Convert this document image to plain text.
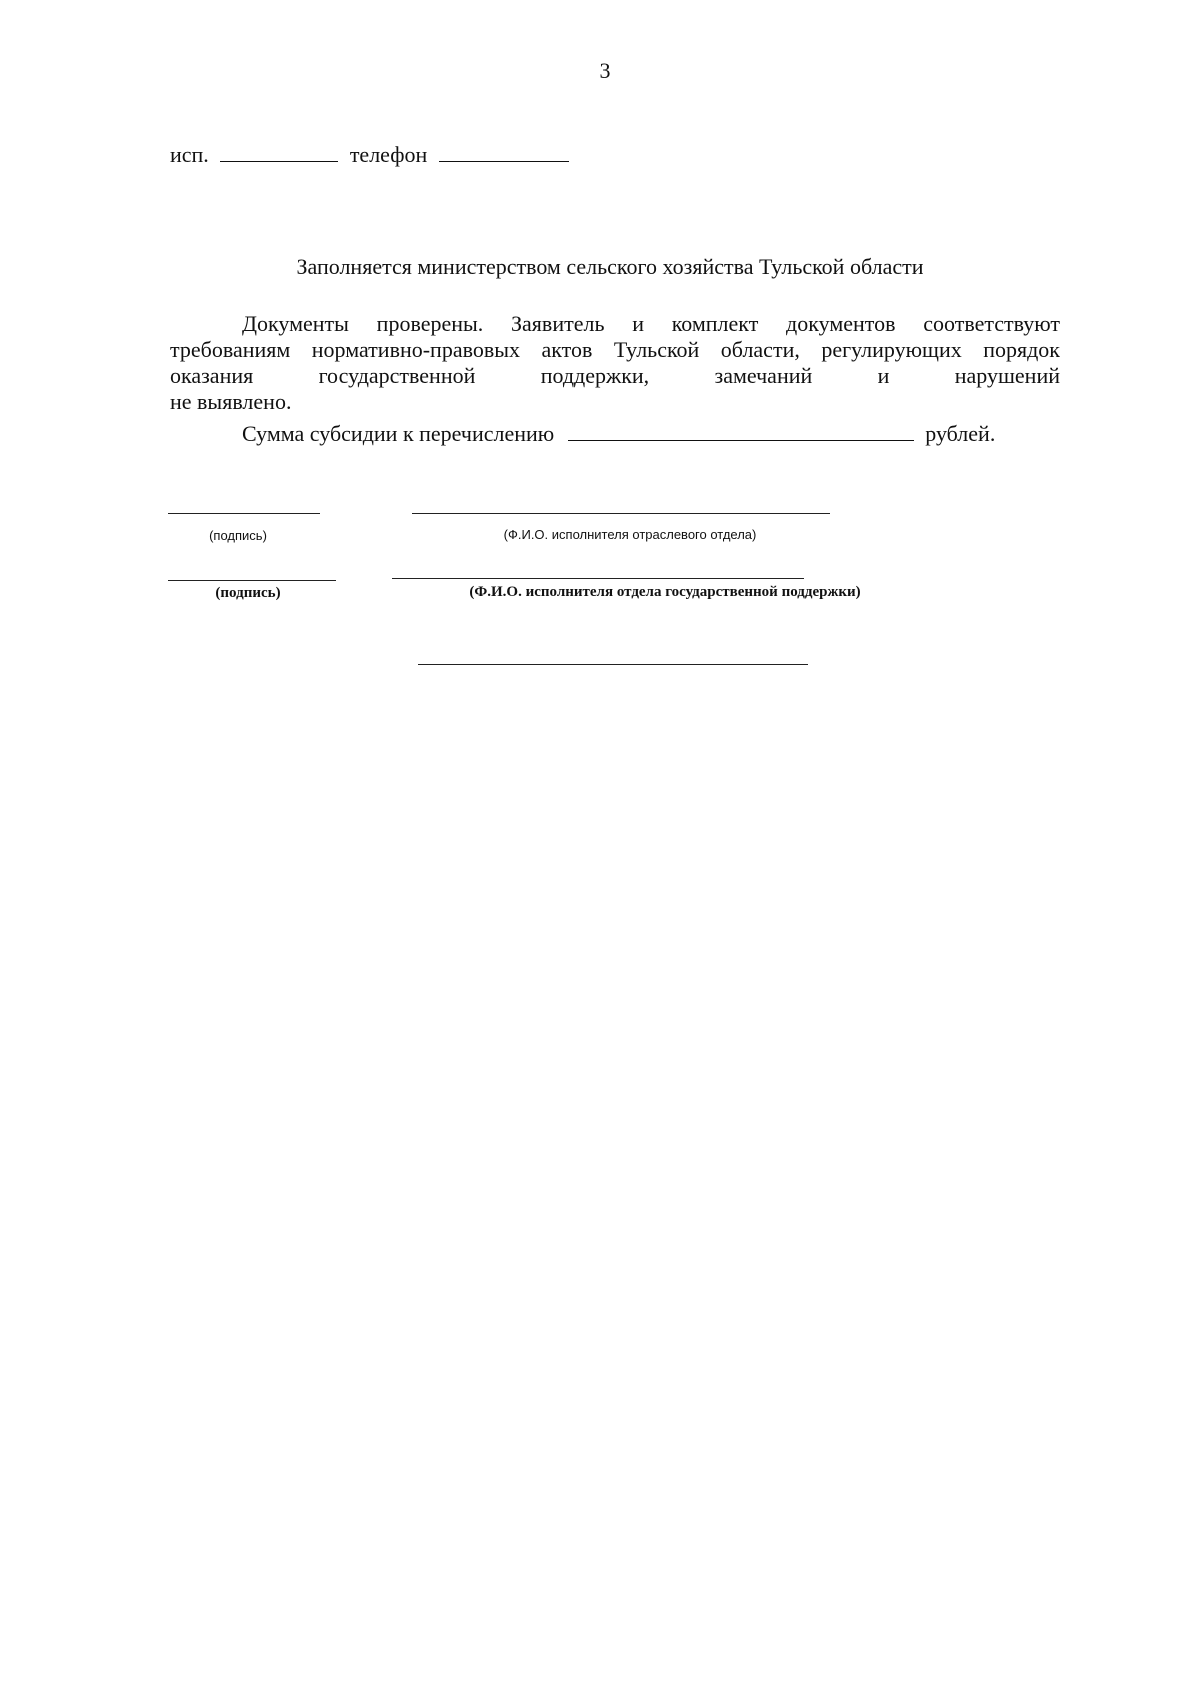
3
исп.	телефон
Заполняется министерством сельского хозяйства Тульской области
Документы проверены. Заявитель и комплект документов соответствуют
требованиям нормативно-правовых актов Тульской области, регулирующих порядок
оказания государственной поддержки, замечаний и нарушений
не выявлено.
Сумма субсидии к перечислению	рублей.
(подпись)	(Ф.И.О. исполнителя отраслевого отдела)
(подпись)	(Ф.И.О. исполнителя отдела государственной поддержки)
